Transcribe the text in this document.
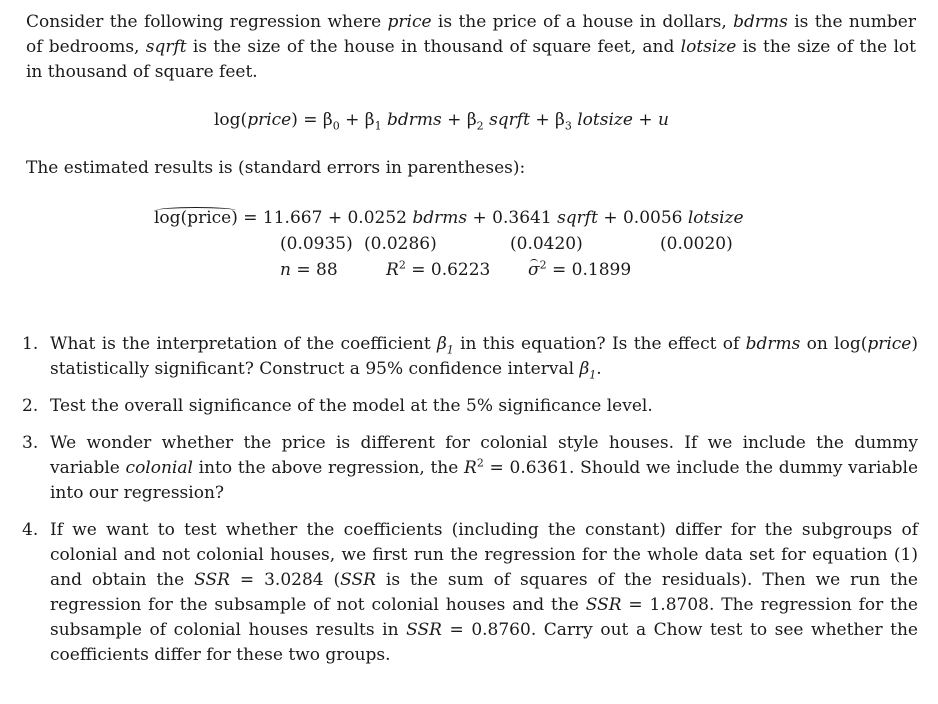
Consider the following regression where price is the price of a house in dollars, bdrms is the number of bedrooms, sqrft is the size of the house in thousand of square feet, and lotsize is the size of the lot in thousand of square feet.

log(price) = $\beta_0 + \beta_1$ bdrms + $\beta_2$ sqrft + $\beta_3$ lotsize + u
The estimated results is (standard errors in parentheses):
log(price) = 11.667 + 0.0252 bdrms + 0.3641 sqrft + 0.0056 lotsize
(0.0935) (0.0286)	(0.0420)	(0.0020)
n = 88	$R^2 = 0.6223$ $\sigma^2 = 0.1899$
1. What is the interpretation of the coefficient $\beta_1$ in this equation? Is the effect of bdrms on log(price) statistically significant? Construct a 95% confidence interval $\beta_1$.
2. Test the overall significance of the model at the 5% significance level.
3. We wonder whether the price is different for colonial style houses. If we include the dummy variable colonial into the above regression, the $R^2 = 0.6361$. Should we include the dummy variable into our regression?
4. If we want to test whether the coefficients (including the constant) differ for the subgroups of colonial and not colonial houses, we first run the regression for the whole data set for equation (1) and obtain the SSR = 3.0284 (SSR is the sum of squares of the residuals). Then we run the regression for the subsample of not colonial houses and the SSR = 1.8708. The regression for the subsample of colonial houses results in SSR = 0.8760. Carry out a Chow test to see whether the coefficients differ for these two groups.
